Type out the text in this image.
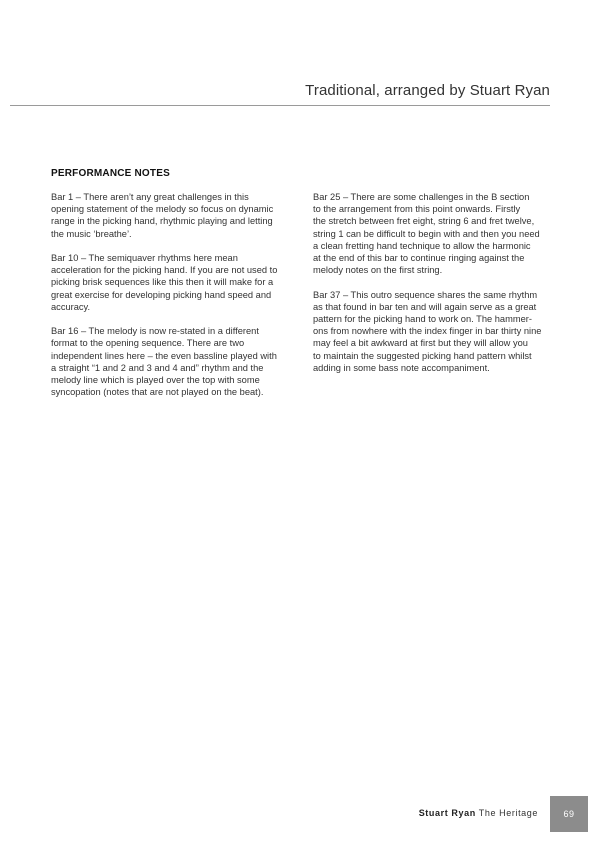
Traditional, arranged by Stuart Ryan
PERFORMANCE NOTES

Bar 1 – There aren’t any great challenges in this
opening statement of the melody so focus on dynamic
range in the picking hand, rhythmic playing and letting
the music ‘breathe’.

Bar 10 – The semiquaver rhythms here mean
acceleration for the picking hand. If you are not used to
picking brisk sequences like this then it will make for a
great exercise for developing picking hand speed and
accuracy.

Bar 16 – The melody is now re-stated in a different
format to the opening sequence. There are two
independent lines here – the even bassline played with
a straight “1 and 2 and 3 and 4 and” rhythm and the
melody line which is played over the top with some
syncopation (notes that are not played on the beat).

Bar 25 – There are some challenges in the B section
to the arrangement from this point onwards. Firstly
the stretch between fret eight, string 6 and fret twelve,
string 1 can be difficult to begin with and then you need
a clean fretting hand technique to allow the harmonic
at the end of this bar to continue ringing against the
melody notes on the first string.

Bar 37 – This outro sequence shares the same rhythm
as that found in bar ten and will again serve as a great
pattern for the picking hand to work on. The hammer-
ons from nowhere with the index finger in bar thirty nine
may feel a bit awkward at first but they will allow you
to maintain the suggested picking hand pattern whilst
adding in some bass note accompaniment.

Stuart Ryan The Heritage	69
